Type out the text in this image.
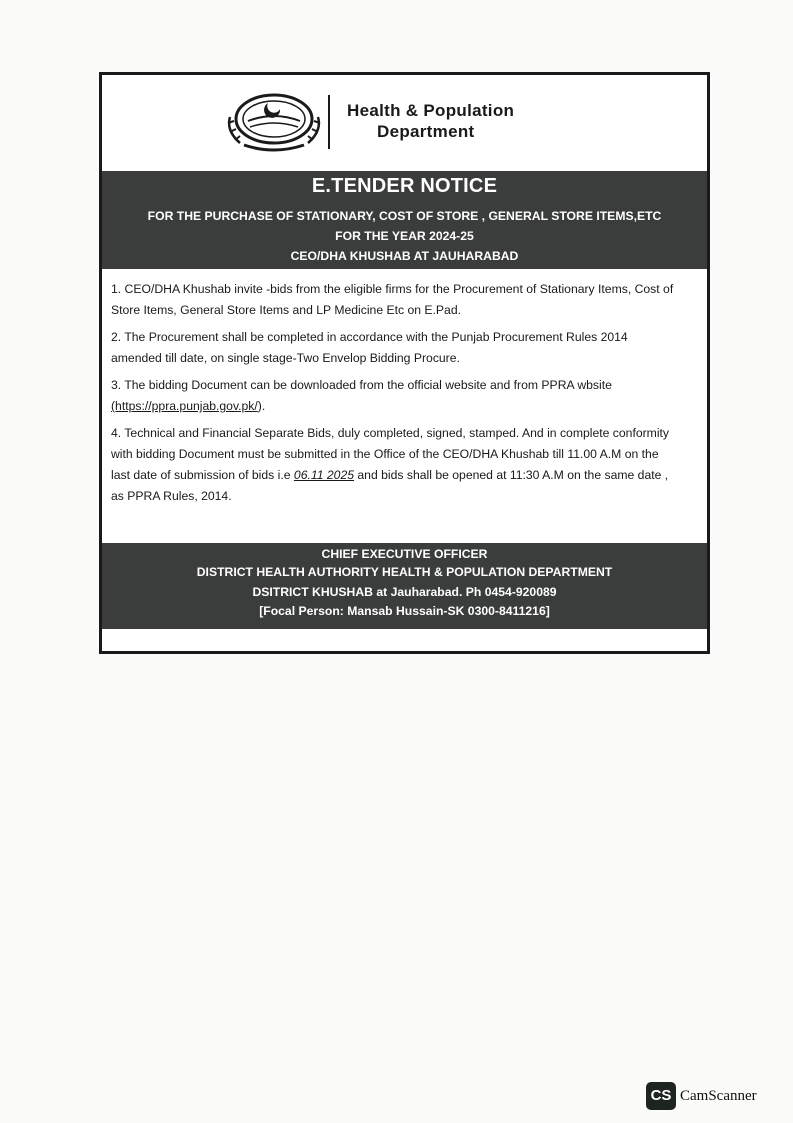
Health & Population
Department
E.TENDER NOTICE
FOR THE PURCHASE OF STATIONARY, COST OF STORE , GENERAL STORE ITEMS,ETC
FOR THE YEAR 2024-25
CEO/DHA KHUSHAB AT JAUHARABAD

1. CEO/DHA Khushab invite -bids from the eligible firms for the Procurement of Stationary Items, Cost of
Store Items, General Store Items and LP Medicine Etc on E.Pad.

2. The Procurement shall be completed in accordance with the Punjab Procurement Rules 2014
amended till date, on single stage-Two Envelop Bidding Procure.

3. The bidding Document can be downloaded from the official website and from PPRA wbsite
(https://ppra.punjab.gov.pk/).

4. Technical and Financial Separate Bids, duly completed, signed, stamped. And in complete conformity
with bidding Document must be submitted in the Office of the CEO/DHA Khushab till 11.00 A.M on the
last date of submission of bids i.e 06.11 2025 and bids shall be opened at 11:30 A.M on the same date ,
as PPRA Rules, 2014.

CHIEF EXECUTIVE OFFICER
DISTRICT HEALTH AUTHORITY HEALTH & POPULATION DEPARTMENT
DSITRICT KHUSHAB at Jauharabad. Ph 0454-920089
[Focal Person: Mansab Hussain-SK 0300-8411216]
CS CamScanner
